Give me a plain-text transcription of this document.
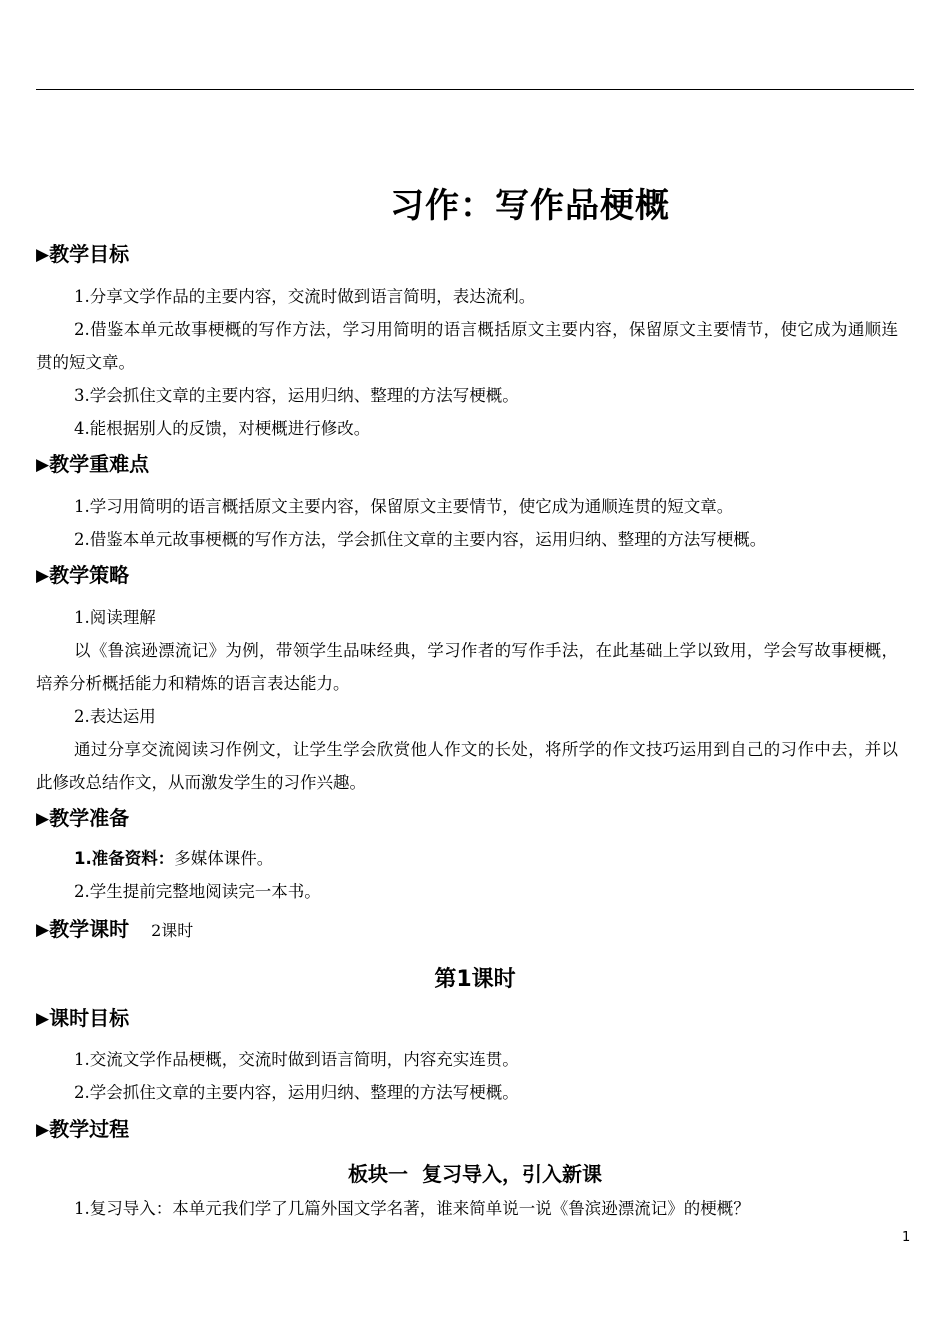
习作：写作品梗概
▶教学目标
1.分享文学作品的主要内容，交流时做到语言简明，表达流利。
2.借鉴本单元故事梗概的写作方法，学习用简明的语言概括原文主要内容，保留原文主要情节，使它成为通顺连贯的短文章。
3.学会抓住文章的主要内容，运用归纳、整理的方法写梗概。
4.能根据别人的反馈，对梗概进行修改。
▶教学重难点
1.学习用简明的语言概括原文主要内容，保留原文主要情节，使它成为通顺连贯的短文章。
2.借鉴本单元故事梗概的写作方法，学会抓住文章的主要内容，运用归纳、整理的方法写梗概。
▶教学策略
1.阅读理解
以《鲁滨逊漂流记》为例，带领学生品味经典，学习作者的写作手法，在此基础上学以致用，学会写故事梗概，培养分析概括能力和精炼的语言表达能力。
2.表达运用
通过分享交流阅读习作例文，让学生学会欣赏他人作文的长处，将所学的作文技巧运用到自己的习作中去，并以此修改总结作文，从而激发学生的习作兴趣。
▶教学准备
1.准备资料：多媒体课件。
2.学生提前完整地阅读完一本书。
▶教学课时 2课时
第1课时
▶课时目标
1.交流文学作品梗概，交流时做到语言简明，内容充实连贯。
2.学会抓住文章的主要内容，运用归纳、整理的方法写梗概。
▶教学过程
板块一  复习导入，引入新课
1.复习导入：本单元我们学了几篇外国文学名著，谁来简单说一说《鲁滨逊漂流记》的梗概？
1
